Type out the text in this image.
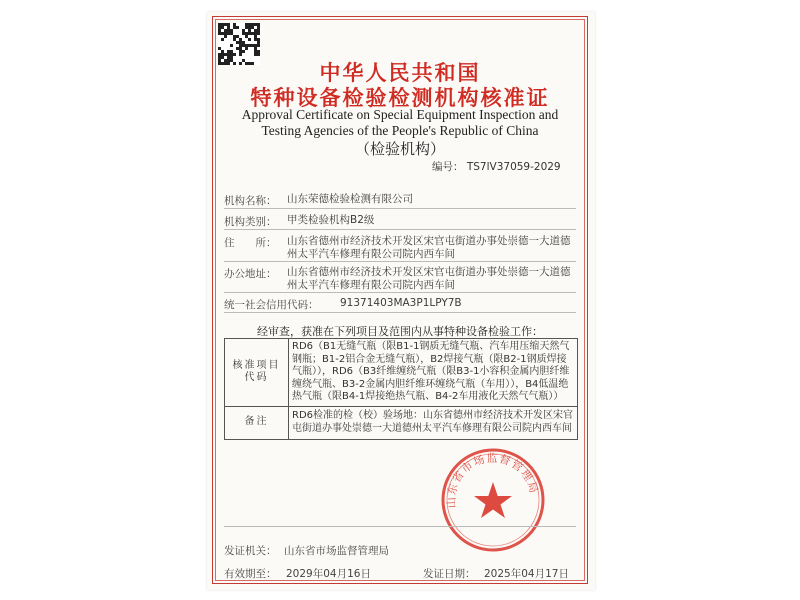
中华人民共和国
特种设备检验检测机构核准证
Approval Certificate on Special Equipment Inspection and
Testing Agencies of the People's Republic of China
（检验机构）
编号： TS7lV37059-2029
机构名称： 山东荣德检验检测有限公司
机构类别： 甲类检验机构B2级
住　　所： 山东省德州市经济技术开发区宋官屯街道办事处崇德一大道德州太平汽车修理有限公司院内西车间
办公地址： 山东省德州市经济技术开发区宋官屯街道办事处崇德一大道德州太平汽车修理有限公司院内西车间
统一社会信用代码： 91371403MA3P1LPY7B
经审查，获准在下列项目及范围内从事特种设备检验工作：
核准项目代码	RD6（B1无缝气瓶（限B1-1钢质无缝气瓶、汽车用压缩天然气钢瓶；B1-2铝合金无缝气瓶），B2焊接气瓶（限B2-1钢质焊接气瓶）），RD6（B3纤维缠绕气瓶（限B3-1小容积金属内胆纤维缠绕气瓶、B3-2金属内胆纤维环缠绕气瓶（车用）），B4低温绝热气瓶（限B4-1焊接绝热气瓶、B4-2车用液化天然气气瓶））
备注	RD6检准的检（校）验场地：山东省德州市经济技术开发区宋官屯街道办事处崇德一大道德州太平汽车修理有限公司院内西车间
山东省市场监督管理局
发证机关： 山东省市场监督管理局
有效期至： 2029年04月16日	发证日期： 2025年04月17日
